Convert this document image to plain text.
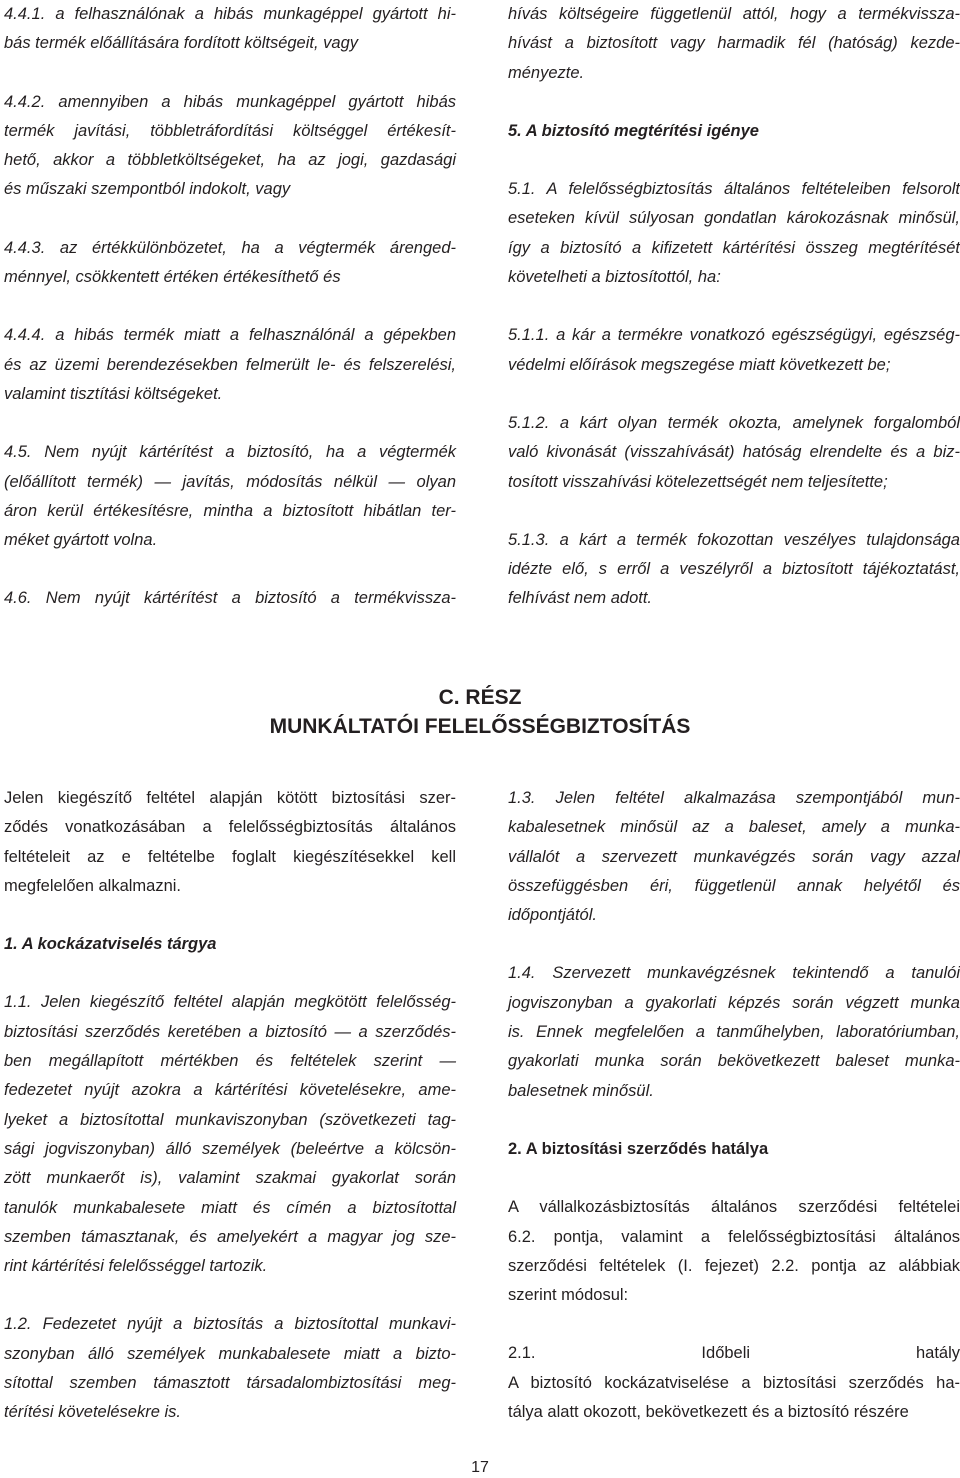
4.4.1. a felhasználónak a hibás munkagéppel gyártott hi-

bás termék előállítására fordított költségeit, vagy

4.4.2. amennyiben a hibás munkagéppel gyártott hibás

termék javítási, többletráfordítási költséggel értékesít-

hető, akkor a többletköltségeket, ha az jogi, gazdasági

és műszaki szempontból indokolt, vagy

4.4.3. az értékkülönbözetet, ha a végtermék árenged-

ménnyel, csökkentett értéken értékesíthető és

4.4.4. a hibás termék miatt a felhasználónál a gépekben

és az üzemi berendezésekben felmerült le- és felszerelési,

valamint tisztítási költségeket.

4.5. Nem nyújt kártérítést a biztosító, ha a végtermék

(előállított termék) — javítás, módosítás nélkül — olyan

áron kerül értékesítésre, mintha a biztosított hibátlan ter-

méket gyártott volna.

4.6. Nem nyújt kártérítést a biztosító a termékvissza-

hívás költségeire függetlenül attól, hogy a termékvissza-

hívást a biztosított vagy harmadik fél (hatóság) kezde-

ményezte.

5. A biztosító megtérítési igénye

5.1. A felelősségbiztosítás általános feltételeiben felsorolt

eseteken kívül súlyosan gondatlan károkozásnak minősül,

így a biztosító a kifizetett kártérítési összeg megtérítését

követelheti a biztosítottól, ha:

5.1.1. a kár a termékre vonatkozó egészségügyi, egészség-

védelmi előírások megszegése miatt következett be;

5.1.2. a kárt olyan termék okozta, amelynek forgalomból

való kivonását (visszahívását) hatóság elrendelte és a biz-

tosított visszahívási kötelezettségét nem teljesítette;

5.1.3. a kárt a termék fokozottan veszélyes tulajdonsága

idézte elő, s erről a veszélyről a biztosított tájékoztatást,

felhívást nem adott.

C. RÉSZ
MUNKÁLTATÓI FELELŐSSÉGBIZTOSÍTÁS

Jelen kiegészítő feltétel alapján kötött biztosítási szer-

ződés vonatkozásában a felelősségbiztosítás általános

feltételeit az e feltételbe foglalt kiegészítésekkel kell

megfelelően alkalmazni.

1. A kockázatviselés tárgya

1.1. Jelen kiegészítő feltétel alapján megkötött felelősség-

biztosítási szerződés keretében a biztosító — a szerződés-

ben megállapított mértékben és feltételek szerint —

fedezetet nyújt azokra a kártérítési követelésekre, ame-

lyeket a biztosítottal munkaviszonyban (szövetkezeti tag-

sági jogviszonyban) álló személyek (beleértve a kölcsön-

zött munkaerőt is), valamint szakmai gyakorlat során

tanulók munkabalesete miatt és címén a biztosítottal

szemben támasztanak, és amelyekért a magyar jog sze-

rint kártérítési felelősséggel tartozik.

1.2. Fedezetet nyújt a biztosítás a biztosítottal munkavi-

szonyban álló személyek munkabalesete miatt a bizto-

sítottal szemben támasztott társadalombiztosítási meg-

térítési követelésekre is.

1.3. Jelen feltétel alkalmazása szempontjából mun-

kabalesetnek minősül az a baleset, amely a munka-

vállalót a szervezett munkavégzés során vagy azzal

összefüggésben éri, függetlenül annak helyétől és

időpontjától.

1.4. Szervezett munkavégzésnek tekintendő a tanulói

jogviszonyban a gyakorlati képzés során végzett munka

is. Ennek megfelelően a tanműhelyben, laboratóriumban,

gyakorlati munka során bekövetkezett baleset munka-

balesetnek minősül.

2. A biztosítási szerződés hatálya

A vállalkozásbiztosítás általános szerződési feltételei

6.2. pontja, valamint a felelősségbiztosítási általános

szerződési feltételek (I. fejezet) 2.2. pontja az alábbiak

szerint módosul:

2.1. Időbeli hatály

A biztosító kockázatviselése a biztosítási szerződés ha-

tálya alatt okozott, bekövetkezett és a biztosító részére

17
